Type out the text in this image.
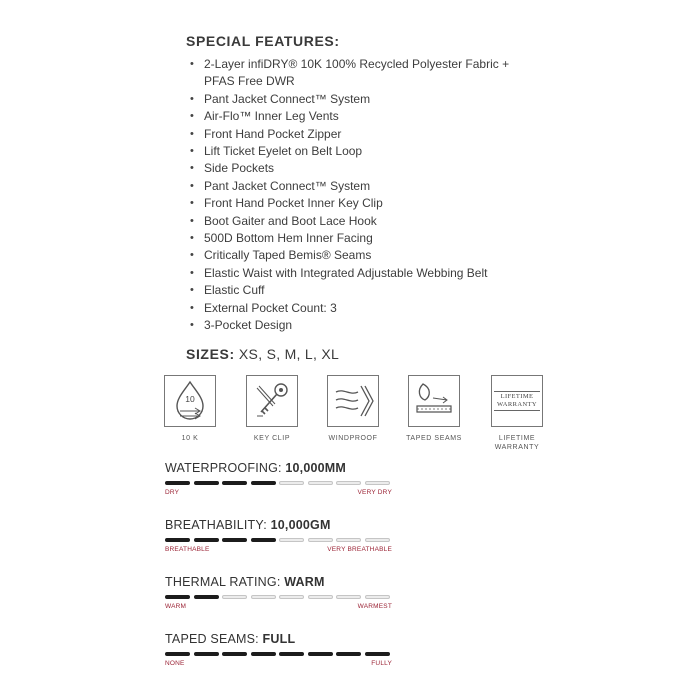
SPECIAL FEATURES:
• 2-Layer infiDRY® 10K 100% Recycled Polyester Fabric + PFAS Free DWR
• Pant Jacket Connect™ System
• Air-Flo™ Inner Leg Vents
• Front Hand Pocket Zipper
• Lift Ticket Eyelet on Belt Loop
• Side Pockets
• Pant Jacket Connect™ System
• Front Hand Pocket Inner Key Clip
• Boot Gaiter and Boot Lace Hook
• 500D Bottom Hem Inner Facing
• Critically Taped Bemis® Seams
• Elastic Waist with Integrated Adjustable Webbing Belt
• Elastic Cuff
• External Pocket Count: 3
• 3-Pocket Design
SIZES: XS, S, M, L, XL
10
10 K	KEY CLIP	WINDPROOF	TAPED SEAMS
LIFETIME WARRANTY
LIFETIME WARRANTY
WATERPROOFING: 10,000MM
DRY	VERY DRY
BREATHABILITY: 10,000GM
BREATHABLE	VERY BREATHABLE
THERMAL RATING: WARM
WARM	WARMEST
TAPED SEAMS: FULL
NONE	FULLY
